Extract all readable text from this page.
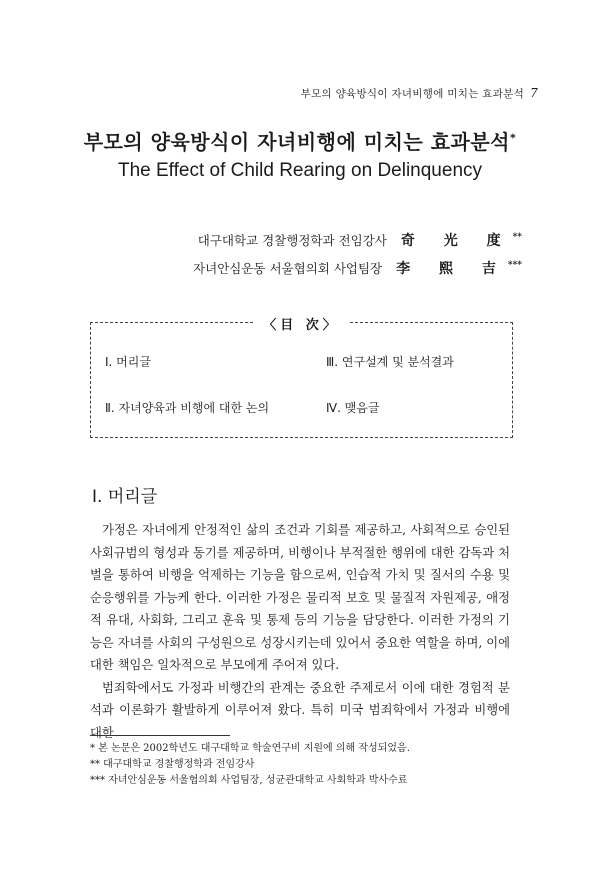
부모의 양육방식이 자녀비행에 미치는 효과분석 7
부모의 양육방식이 자녀비행에 미치는 효과분석*
The Effect of Child Rearing on Delinquency
대구대학교 경찰행정학과 전임강사 奇 光 度**
자녀안심운동 서울협의회 사업팀장 李 熙 吉***
〈目 次〉
Ⅰ. 머리글
Ⅱ. 자녀양육과 비행에 대한 논의
Ⅲ. 연구설계 및 분석결과
Ⅳ. 맺음글
Ⅰ. 머리글

가정은 자녀에게 안정적인 삶의 조건과 기회를 제공하고, 사회적으로 승인된 사회규범의 형성과 동기를 제공하며, 비행이나 부적절한 행위에 대한 감독과 처벌을 통하여 비행을 억제하는 기능을 함으로써, 인습적 가치 및 질서의 수용 및 순응행위를 가능케 한다. 이러한 가정은 물리적 보호 및 물질적 자원제공, 애정적 유대, 사회화, 그리고 훈육 및 통제 등의 기능을 담당한다. 이러한 가정의 기능은 자녀를 사회의 구성원으로 성장시키는데 있어서 중요한 역할을 하며, 이에 대한 책임은 일차적으로 부모에게 주어져 있다.

범죄학에서도 가정과 비행간의 관계는 중요한 주제로서 이에 대한 경험적 분석과 이론화가 활발하게 이루어져 왔다. 특히 미국 범죄학에서 가정과 비행에 대한

* 본 논문은 2002학년도 대구대학교 학술연구비 지원에 의해 작성되었음.
** 대구대학교 경찰행정학과 전임강사
*** 자녀안심운동 서울협의회 사업팀장, 성균관대학교 사회학과 박사수료
